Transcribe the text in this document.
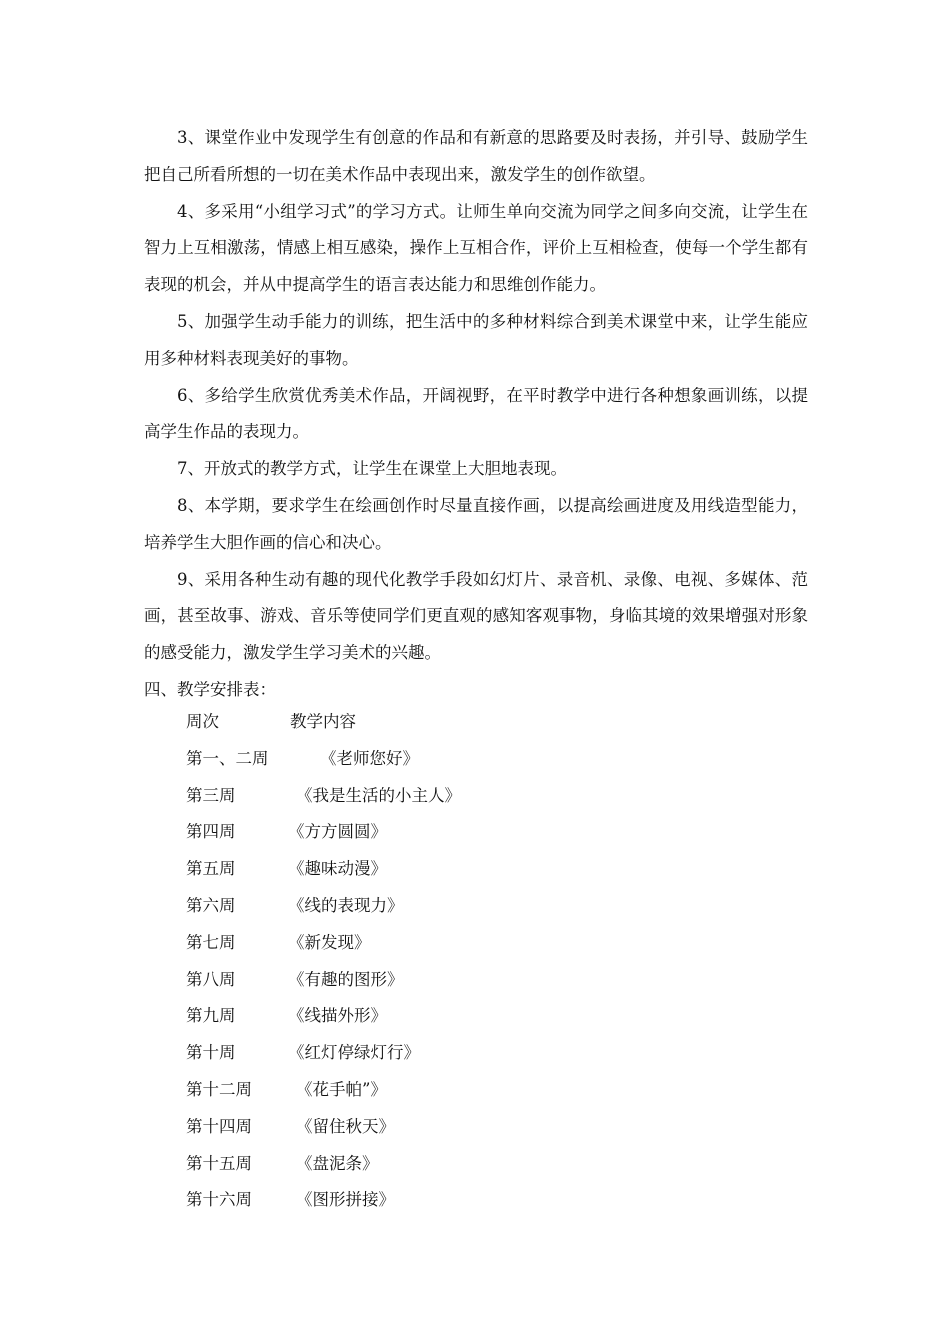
3、课堂作业中发现学生有创意的作品和有新意的思路要及时表扬，并引导、鼓励学生把自己所看所想的一切在美术作品中表现出来，激发学生的创作欲望。

4、多采用“小组学习式”的学习方式。让师生单向交流为同学之间多向交流，让学生在智力上互相激荡，情感上相互感染，操作上互相合作，评价上互相检查，使每一个学生都有表现的机会，并从中提高学生的语言表达能力和思维创作能力。

5、加强学生动手能力的训练，把生活中的多种材料综合到美术课堂中来，让学生能应用多种材料表现美好的事物。

6、多给学生欣赏优秀美术作品，开阔视野，在平时教学中进行各种想象画训练，以提高学生作品的表现力。

7、开放式的教学方式，让学生在课堂上大胆地表现。

8、本学期，要求学生在绘画创作时尽量直接作画，以提高绘画进度及用线造型能力，培养学生大胆作画的信心和决心。

9、采用各种生动有趣的现代化教学手段如幻灯片、录音机、录像、电视、多媒体、范画，甚至故事、游戏、音乐等使同学们更直观的感知客观事物，身临其境的效果增强对形象的感受能力，激发学生学习美术的兴趣。

四、教学安排表：

周次	教学内容
第一、二周	《老师您好》
第三周	《我是生活的小主人》
第四周	《方方圆圆》
第五周	《趣味动漫》
第六周	《线的表现力》
第七周	《新发现》
第八周	《有趣的图形》
第九周	《线描外形》
第十周	《红灯停绿灯行》
第十二周	《花手帕”》
第十四周	《留住秋天》
第十五周	《盘泥条》
第十六周	《图形拼接》
